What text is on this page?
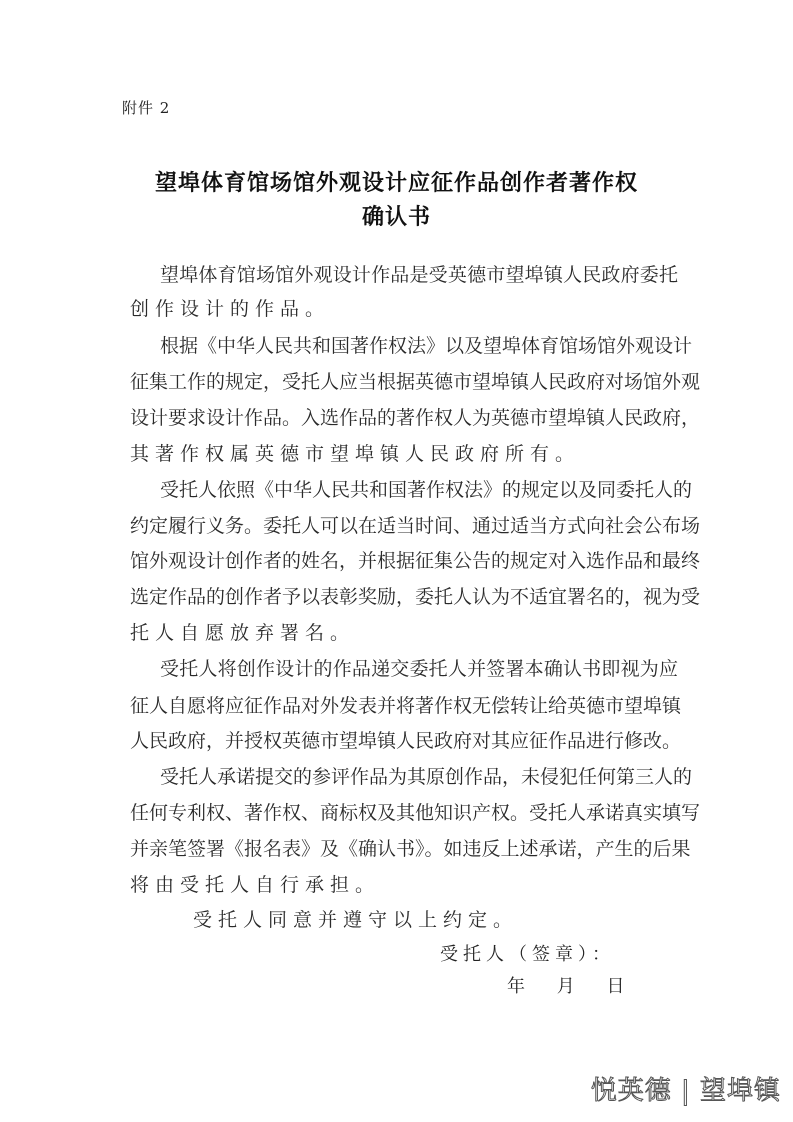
附件 2
望埠体育馆场馆外观设计应征作品创作者著作权
确认书
望埠体育馆场馆外观设计作品是受英德市望埠镇人民政府委托
创作设计的作品。
根据《中华人民共和国著作权法》以及望埠体育馆场馆外观设计
征集工作的规定，受托人应当根据英德市望埠镇人民政府对场馆外观
设计要求设计作品。入选作品的著作权人为英德市望埠镇人民政府，
其著作权属英德市望埠镇人民政府所有。
受托人依照《中华人民共和国著作权法》的规定以及同委托人的
约定履行义务。委托人可以在适当时间、通过适当方式向社会公布场
馆外观设计创作者的姓名，并根据征集公告的规定对入选作品和最终
选定作品的创作者予以表彰奖励，委托人认为不适宜署名的，视为受
托人自愿放弃署名。
受托人将创作设计的作品递交委托人并签署本确认书即视为应
征人自愿将应征作品对外发表并将著作权无偿转让给英德市望埠镇
人民政府，并授权英德市望埠镇人民政府对其应征作品进行修改。
受托人承诺提交的参评作品为其原创作品，未侵犯任何第三人的
任何专利权、著作权、商标权及其他知识产权。受托人承诺真实填写
并亲笔签署《报名表》及《确认书》。如违反上述承诺，产生的后果
将由受托人自行承担。
受托人同意并遵守以上约定。
受托人（签章）：
年 月 日
悦英德 | 望埠镇
